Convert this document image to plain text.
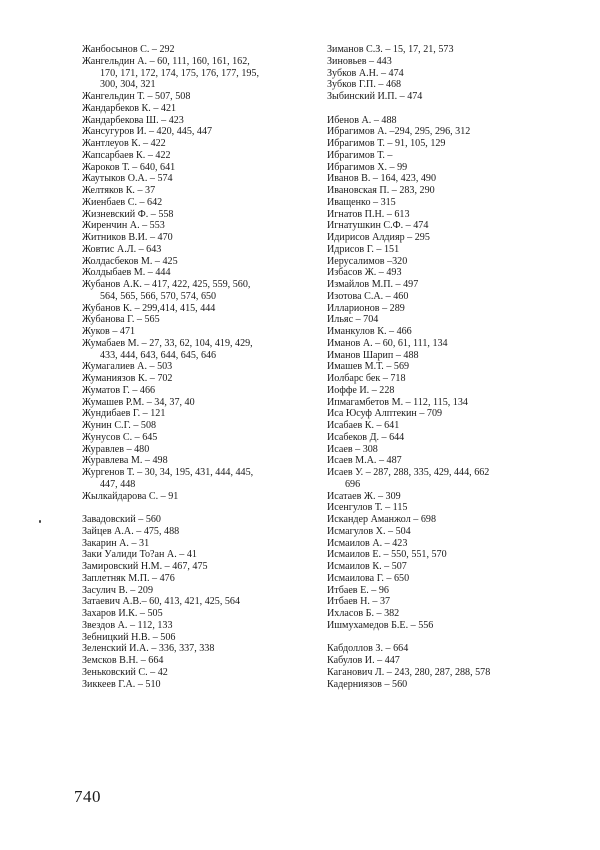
Жанбосынов С. – 292
Жангельдин А. – 60, 111, 160, 161, 162,
170, 171, 172, 174, 175, 176, 177, 195,
300, 304, 321
Жангельдин Т. – 507, 508
Жандарбеков К. – 421
Жандарбекова Ш. – 423
Жансугуров И. – 420, 445, 447
Жантлеуов К. – 422
Жапсарбаев К. – 422
Жароков Т. – 640, 641
Жаутыков О.А. – 574
Желтяков К. – 37
Жиенбаев С. – 642
Жизневский Ф. – 558
Жиренчин А. – 553
Житников В.И. – 470
Жовтис А.Л. – 643
Жолдасбеков М. – 425
Жолдыбаев М. – 444
Жубанов А.К. – 417, 422, 425, 559, 560,
564, 565, 566, 570, 574, 650
Жубанов К. – 299,414, 415, 444
Жубанова Г. – 565
Жуков – 471
Жумабаев М. – 27, 33, 62, 104, 419, 429,
433, 444, 643, 644, 645, 646
Жумагалиев А. – 503
Жуманиязов К. – 702
Жуматов Г. – 466
Жумашев Р.М. – 34, 37, 40
Жундибаев Г. – 121
Жунин С.Г. – 508
Жунусов С. – 645
Журавлев – 480
Журавлева М. – 498
Жургенов Т. – 30, 34, 195, 431, 444, 445,
447, 448
Жылкайдарова С. – 91
Завадовский – 560
Зайцев А.А. – 475, 488
Закарин А. – 31
Заки Уалиди То?ан А. – 41
Замировский Н.М. – 467, 475
Заплетняк М.П. – 476
Засулич В. – 209
Затаевич А.В.– 60, 413, 421, 425, 564
Захаров И.К. – 505
Звездов А. – 112, 133
Зебницкий Н.В. – 506
Зеленский И.А. – 336, 337, 338
Земсков В.Н. – 664
Зеньковский С. – 42
Зиккеев Г.А. – 510
Зиманов С.З. – 15, 17, 21, 573
Зиновьев – 443
Зубков А.Н. – 474
Зубков Г.П. – 468
Зыбинский И.П. – 474
Ибенов А. – 488
Ибрагимов А. –294, 295, 296, 312
Ибрагимов Т. – 91, 105, 129
Ибрагимов Т. –
Ибрагимов Х. – 99
Иванов В. – 164, 423, 490
Ивановская П. – 283, 290
Иващенко – 315
Игнатов П.Н. – 613
Игнатушкин С.Ф. – 474
Идирисов Алдияр – 295
Идрисов Г. – 151
Иерусалимов –320
Избасов Ж. – 493
Измайлов М.П. – 497
Изотова С.А. – 460
Илларионов – 289
Ильяс – 704
Иманкулов К. – 466
Иманов А. – 60, 61, 111, 134
Иманов Шарип – 488
Имашев М.Т. – 569
Иолбарс бек – 718
Иоффе И. – 228
Ипмагамбетов М. – 112, 115, 134
Иса Юсуф Алптекин – 709
Исабаев К. – 641
Исабеков Д. – 644
Исаев – 308
Исаев М.А. – 487
Исаев У. – 287, 288, 335, 429, 444, 662
696
Исатаев Ж. – 309
Исенгулов Т. – 115
Искандер Аманжол – 698
Исмагулов Х. – 504
Исмаилов А. – 423
Исмаилов Е. – 550, 551, 570
Исмаилов К. – 507
Исмаилова Г. – 650
Итбаев Е. – 96
Итбаев Н. – 37
Ихласов Б. – 382
Ишмухамедов Б.Е. – 556
Кабдоллов З. – 664
Кабулов И. – 447
Каганович Л. – 243, 280, 287, 288, 578
Кадерниязов – 560
740
